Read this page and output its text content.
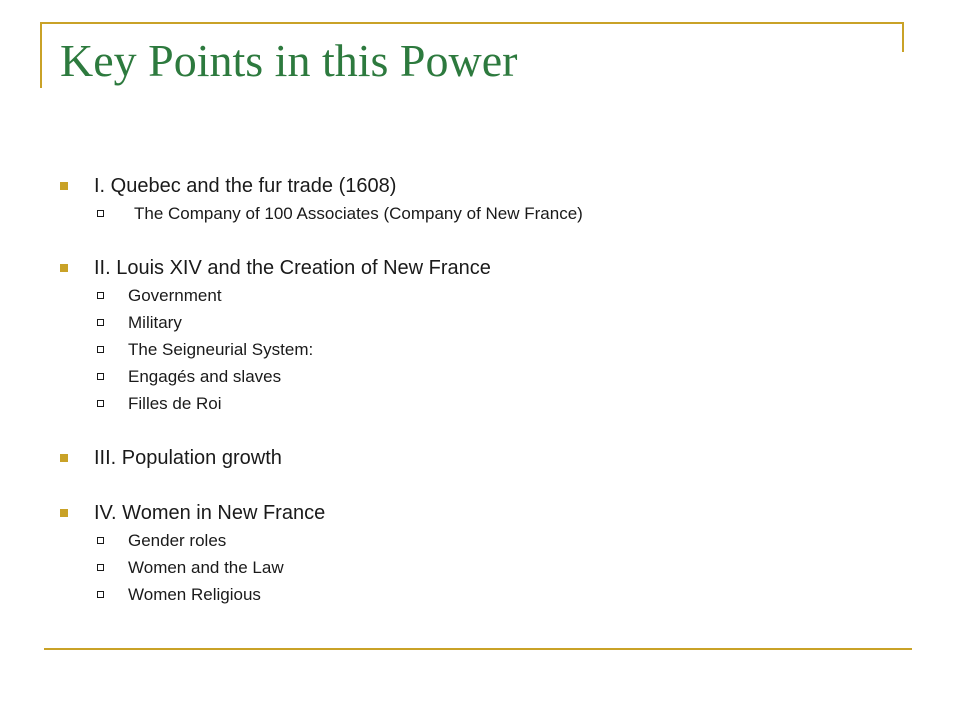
Key Points in this Power
I. Quebec and the fur trade (1608)
The Company of 100 Associates (Company of New France)
II. Louis XIV and the Creation of New France
Government
Military
The Seigneurial System:
Engagés and slaves
Filles de Roi
III. Population growth
IV. Women in New France
Gender roles
Women and the Law
Women Religious
